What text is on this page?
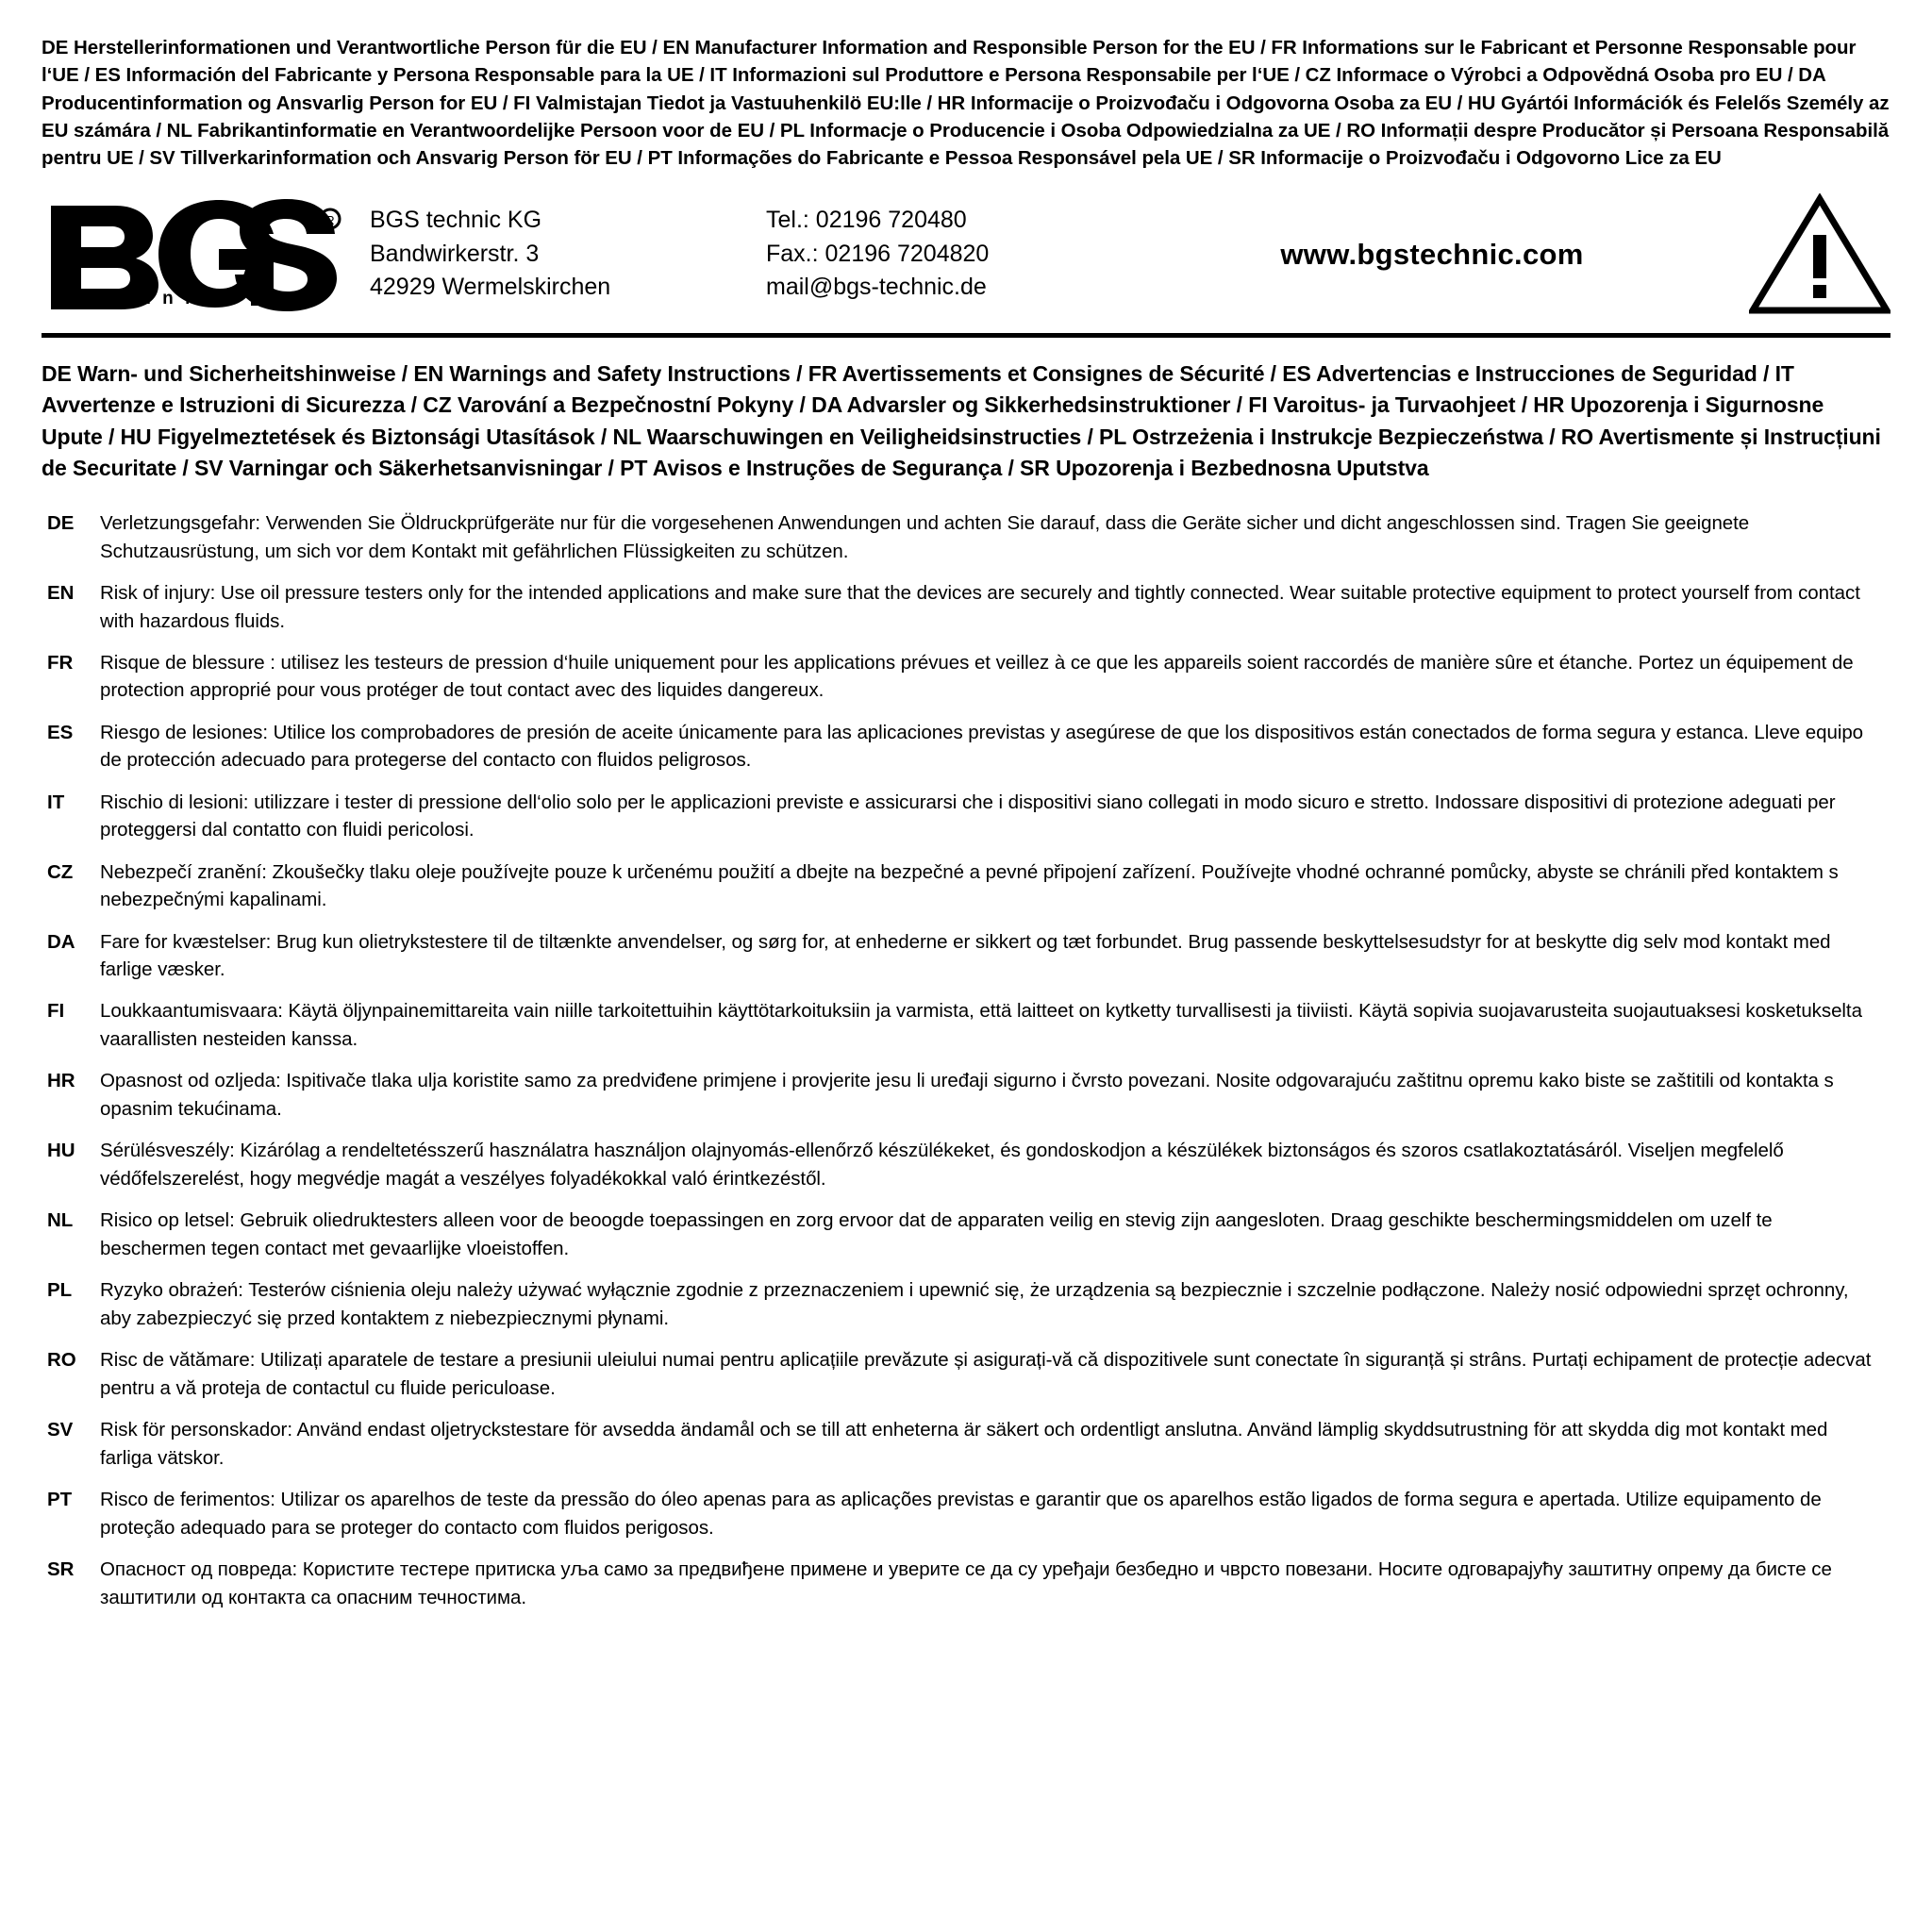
DE Herstellerinformationen und Verantwortliche Person für die EU / EN Manufacturer Information and Responsible Person for the EU / FR Informations sur le Fabricant et Personne Responsable pour l‘UE / ES Información del Fabricante y Persona Responsable para la UE / IT Informazioni sul Produttore e Persona Responsabile per l‘UE / CZ Informace o Výrobci a Odpovědná Osoba pro EU / DA Producentinformation og Ansvarlig Person for EU / FI Valmistajan Tiedot ja Vastuuhenkilö EU:lle / HR Informacije o Proizvođaču i Odgovorna Osoba za EU / HU Gyártói Információk és Felelős Személy az EU számára / NL Fabrikantinformatie en Verantwoordelijke Persoon voor de EU / PL Informacje o Producencie i Osoba Odpowiedzialna za UE / RO Informații despre Producător și Persoana Responsabilă pentru UE / SV Tillverkarinformation och Ansvarig Person för EU / PT Informações do Fabricante e Pessoa Responsável pela UE / SR Informacije o Proizvođaču i Odgovorno Lice za EU
t e c h n i c
R BGS technic KG
Bandwirkerstr. 3
42929 Wermelskirchen
Tel.: 02196 720480
Fax.: 02196 7204820
mail@bgs-technic.de
www.bgstechnic.com
DE Warn- und Sicherheitshinweise / EN Warnings and Safety Instructions / FR Avertissements et Consignes de Sécurité / ES Advertencias e Instrucciones de Seguridad / IT Avvertenze e Istruzioni di Sicurezza / CZ Varování a Bezpečnostní Pokyny / DA Advarsler og Sikkerhedsinstruktioner / FI Varoitus- ja Turvaohjeet / HR Upozorenja i Sigurnosne Upute / HU Figyelmeztetések és Biztonsági Utasítások / NL Waarschuwingen en Veiligheidsinstructies / PL Ostrzeżenia i Instrukcje Bezpieczeństwa / RO Avertismente și Instrucțiuni de Securitate / SV Varningar och Säkerhetsanvisningar / PT Avisos e Instruções de Segurança / SR Upozorenja i Bezbednosna Uputstva
DE	Verletzungsgefahr: Verwenden Sie Öldruckprüfgeräte nur für die vorgesehenen Anwendungen und achten Sie darauf, dass die Geräte sicher und dicht angeschlossen sind. Tragen Sie geeignete Schutzausrüstung, um sich vor dem Kontakt mit gefährlichen Flüssigkeiten zu schützen.
EN	Risk of injury: Use oil pressure testers only for the intended applications and make sure that the devices are securely and tightly connected. Wear suitable protective equipment to protect yourself from contact with hazardous fluids.
FR	Risque de blessure : utilisez les testeurs de pression d‘huile uniquement pour les applications prévues et veillez à ce que les appareils soient raccordés de manière sûre et étanche. Portez un équipement de protection approprié pour vous protéger de tout contact avec des liquides dangereux.
ES	Riesgo de lesiones: Utilice los comprobadores de presión de aceite únicamente para las aplicaciones previstas y asegúrese de que los dispositivos están conectados de forma segura y estanca. Lleve equipo de protección adecuado para protegerse del contacto con fluidos peligrosos.
IT	Rischio di lesioni: utilizzare i tester di pressione dell‘olio solo per le applicazioni previste e assicurarsi che i dispositivi siano collegati in modo sicuro e stretto. Indossare dispositivi di protezione adeguati per proteggersi dal contatto con fluidi pericolosi.
CZ	Nebezpečí zranění: Zkoušečky tlaku oleje používejte pouze k určenému použití a dbejte na bezpečné a pevné připojení zařízení. Používejte vhodné ochranné pomůcky, abyste se chránili před kontaktem s nebezpečnými kapalinami.
DA	Fare for kvæstelser: Brug kun olietrykstestere til de tiltænkte anvendelser, og sørg for, at enhederne er sikkert og tæt forbundet. Brug passende beskyttelsesudstyr for at beskytte dig selv mod kontakt med farlige væsker.
FI	Loukkaantumisvaara: Käytä öljynpainemittareita vain niille tarkoitettuihin käyttötarkoituksiin ja varmista, että laitteet on kytketty turvallisesti ja tiiviisti. Käytä sopivia suojavarusteita suojautuaksesi kosketukselta vaarallisten nesteiden kanssa.
HR	Opasnost od ozljeda: Ispitivače tlaka ulja koristite samo za predviđene primjene i provjerite jesu li uređaji sigurno i čvrsto povezani. Nosite odgovarajuću zaštitnu opremu kako biste se zaštitili od kontakta s opasnim tekućinama.
HU	Sérülésveszély: Kizárólag a rendeltetésszerű használatra használjon olajnyomás-ellenőrző készülékeket, és gondoskodjon a készülékek biztonságos és szoros csatlakoztatásáról. Viseljen megfelelő védőfelszerelést, hogy megvédje magát a veszélyes folyadékokkal való érintkezéstől.
NL	Risico op letsel: Gebruik oliedruktesters alleen voor de beoogde toepassingen en zorg ervoor dat de apparaten veilig en stevig zijn aangesloten. Draag geschikte beschermingsmiddelen om uzelf te beschermen tegen contact met gevaarlijke vloeistoffen.
PL	Ryzyko obrażeń: Testerów ciśnienia oleju należy używać wyłącznie zgodnie z przeznaczeniem i upewnić się, że urządzenia są bezpiecznie i szczelnie podłączone. Należy nosić odpowiedni sprzęt ochronny, aby zabezpieczyć się przed kontaktem z niebezpiecznymi płynami.
RO	Risc de vătămare: Utilizați aparatele de testare a presiunii uleiului numai pentru aplicațiile prevăzute și asigurați-vă că dispozitivele sunt conectate în siguranță și strâns. Purtați echipament de protecție adecvat pentru a vă proteja de contactul cu fluide periculoase.
SV	Risk för personskador: Använd endast oljetryckstestare för avsedda ändamål och se till att enheterna är säkert och ordentligt anslutna. Använd lämplig skyddsutrustning för att skydda dig mot kontakt med farliga vätskor.
PT	Risco de ferimentos: Utilizar os aparelhos de teste da pressão do óleo apenas para as aplicações previstas e garantir que os aparelhos estão ligados de forma segura e apertada. Utilize equipamento de proteção adequado para se proteger do contacto com fluidos perigosos.
SR	Опасност од повреда: Користите тестере притиска уља само за предвиђене примене и уверите се да су уређаји безбедно и чврсто повезани. Носите одговарајућу заштитну опрему да бисте се заштитили од контакта са опасним течностима.
